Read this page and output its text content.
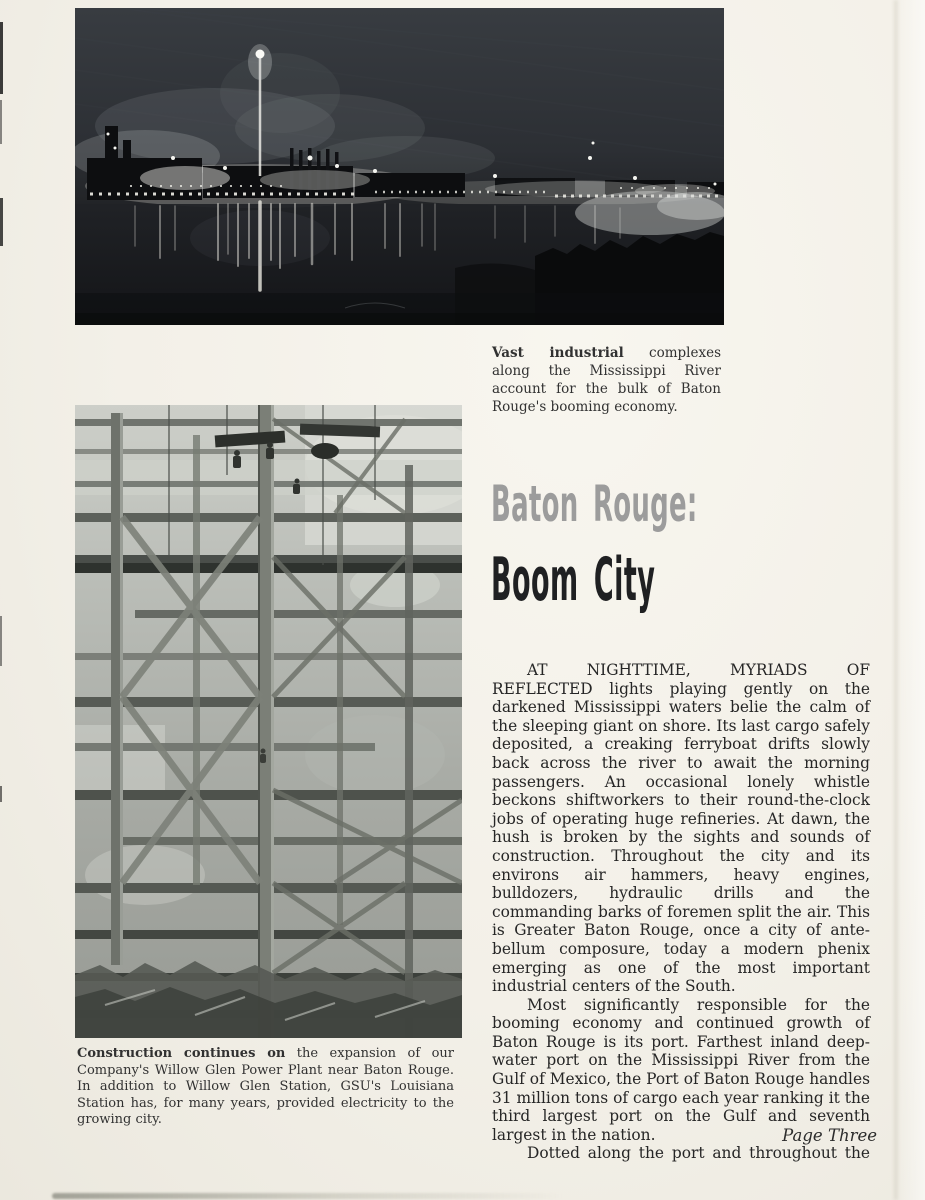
Vast industrial complexes along the Mississippi River account for the bulk of Baton Rouge's booming economy.
Construction continues on the expansion of our Company's Willow Glen Power Plant near Baton Rouge. In addition to Willow Glen Station, GSU's Louisiana Station has, for many years, provided electricity to the growing city.
Baton Rouge:
Boom City

AT NIGHTTIME, MYRIADS OF REFLECTED lights playing gently on the darkened Mississippi waters belie the calm of the sleeping giant on shore. Its last cargo safely deposited, a creaking ferryboat drifts slowly back across the river to await the morning passengers. An occasional lonely whistle beckons shiftworkers to their round-the-clock jobs of operating huge refineries. At dawn, the hush is broken by the sights and sounds of construction. Throughout the city and its environs air hammers, heavy engines, bulldozers, hydraulic drills and the commanding barks of foremen split the air. This is Greater Baton Rouge, once a city of ante-bellum composure, today a modern phenix emerging as one of the most important industrial centers of the South.

Most significantly responsible for the booming economy and continued growth of Baton Rouge is its port. Farthest inland deep-water port on the Mississippi River from the Gulf of Mexico, the Port of Baton Rouge handles 31 million tons of cargo each year ranking it the third largest port on the Gulf and seventh largest in the nation.

Dotted along the port and throughout the

Page Three
